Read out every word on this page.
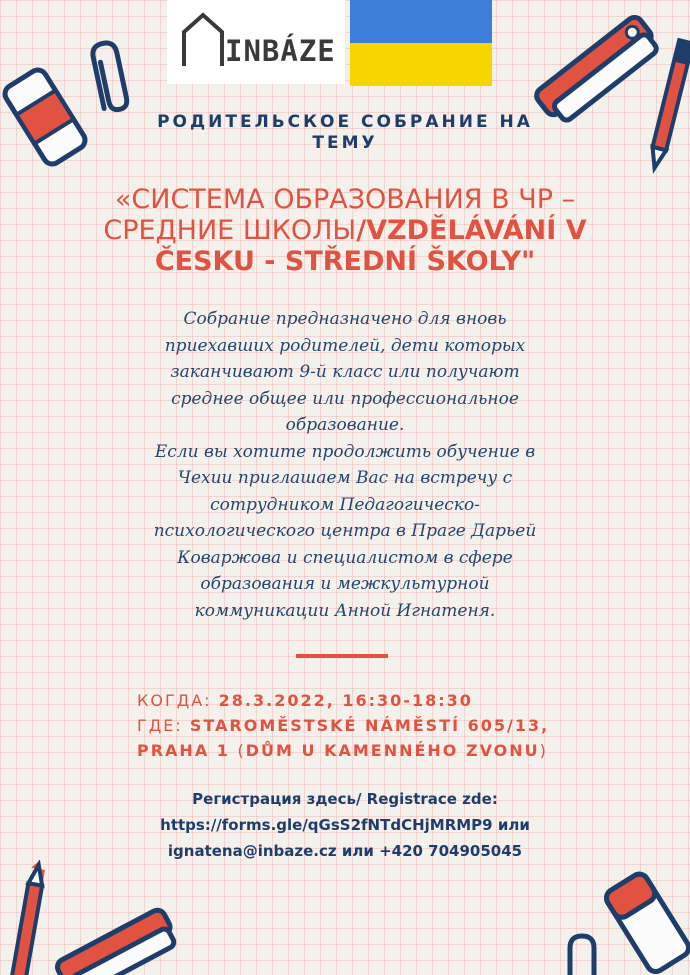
INBÁZE
РОДИТЕЛЬСКОЕ СОБРАНИЕ НА
ТЕМУ
«СИСТЕМА ОБРАЗОВАНИЯ В ЧР –
СРЕДНИЕ ШКОЛЫ/VZDĚLÁVÁNÍ V
ČESKU - STŘEDNÍ ŠKOLY"
Собрание предназначено для вновь
приехавших родителей, дети которых
заканчивают 9-й класс или получают
среднее общее или профессиональное
образование.
Если вы хотите продолжить обучение в
Чехии приглашаем Вас на встречу с
сотрудником Педагогическо-
психологического центра в Праге Дарьей
Коваржова и специалистом в сфере
образования и межкультурной
коммуникации Анной Игнатеня.
КОГДА: 28.3.2022, 16:30-18:30
ГДЕ: STAROMĚSTSKÉ NÁMĚSTÍ 605/13,
PRAHA 1 (DŮM U KAMENNÉHO ZVONU)
Регистрация здесь/ Registrace zde:
https://forms.gle/qGsS2fNTdCHjMRMP9 или
ignatena@inbaze.cz или +420 704905045
